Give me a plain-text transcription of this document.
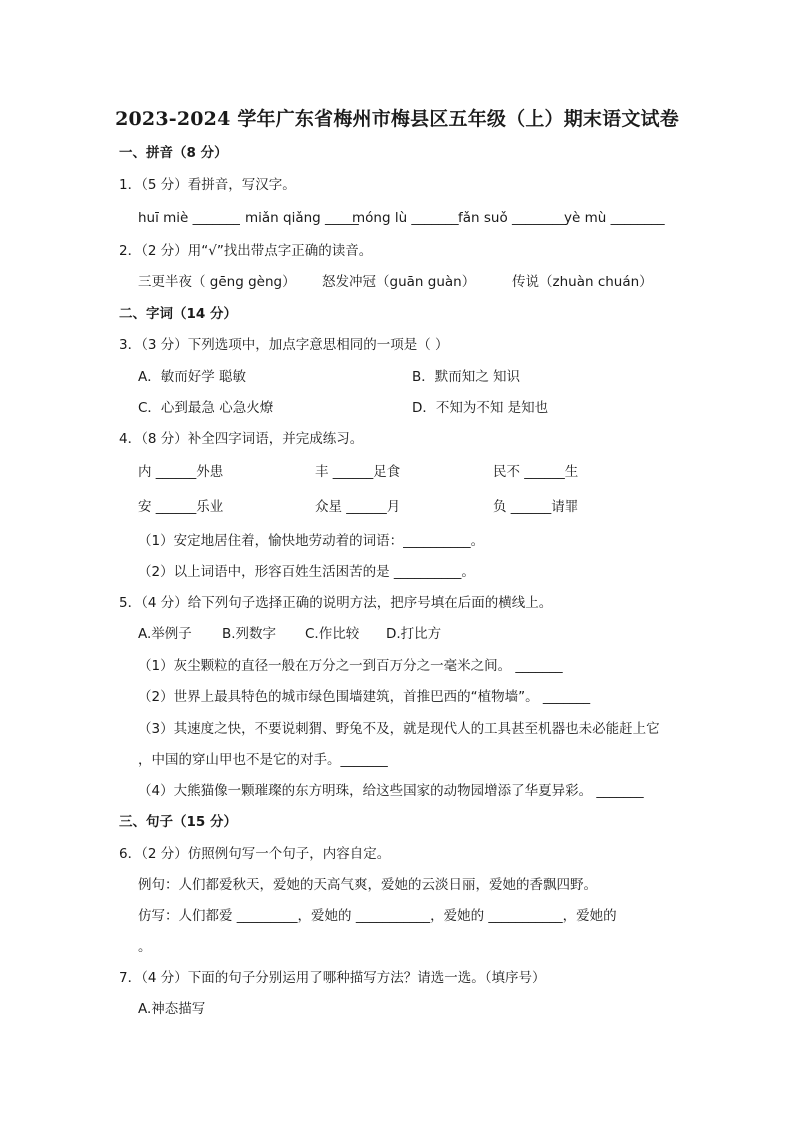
2023-2024 学年广东省梅州市梅县区五年级（上）期末语文试卷
一、拼音（8 分）
1．（5 分）看拼音，写汉字。
huī miè _______ miǎn qiǎng _____
móng lù _______ fǎn suǒ ________
yè mù ________
2．（2 分）用“√”找出带点字正确的读音。
三更半夜（ gēng gèng） 怒发冲冠（guān guàn）	传说（zhuàn chuán）
二、字词（14 分）
3．（3 分）下列选项中，加点字意思相同的一项是（ ）
A．敏而好学 聪敏	B．默而知之 知识
C．心到最急 心急火燎	D．不知为不知 是知也
4．（8 分）补全四字词语，并完成练习。
内 ______外患	丰 ______足食	民不 ______生
安 ______乐业	众星 ______月	负 ______请罪
（1）安定地居住着，愉快地劳动着的词语：__________。
（2）以上词语中，形容百姓生活困苦的是 __________。
5．（4 分）给下列句子选择正确的说明方法，把序号填在后面的横线上。
A.举例子 B.列数字 C.作比较 D.打比方
（1）灰尘颗粒的直径一般在万分之一到百万分之一毫米之间。 _______
（2）世界上最具特色的城市绿色围墙建筑，首推巴西的“植物墙”。 _______
（3）其速度之快，不要说刺猬、野兔不及，就是现代人的工具甚至机器也未必能赶上它
，中国的穿山甲也不是它的对手。_______
（4）大熊猫像一颗璀璨的东方明珠，给这些国家的动物园增添了华夏异彩。 _______
三、句子（15 分）
6．（2 分）仿照例句写一个句子，内容自定。
例句：人们都爱秋天，爱她的天高气爽，爱她的云淡日丽，爱她的香飘四野。
仿写：人们都爱 _________，爱她的 ___________，爱她的 ___________，爱她的
。
7．（4 分）下面的句子分别运用了哪种描写方法？请选一选。（填序号）
A.神态描写
